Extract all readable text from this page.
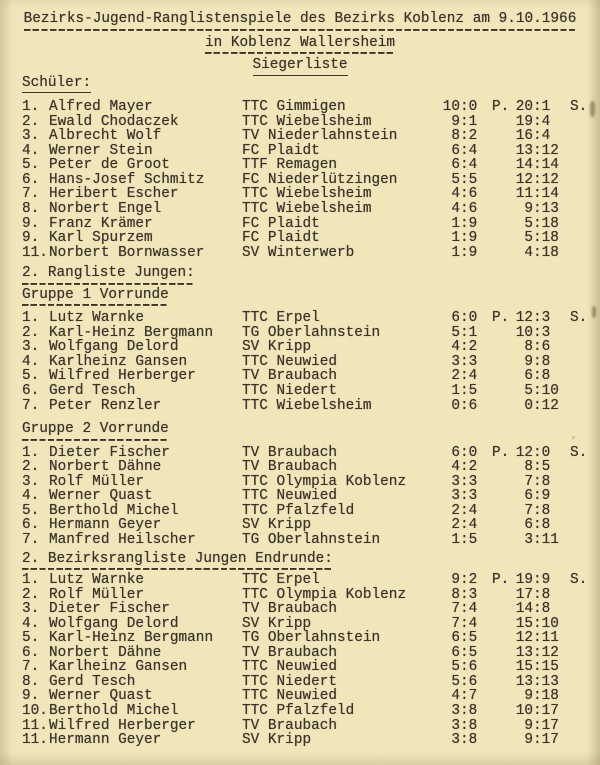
Bezirks-Jugend-Ranglistenspiele des Bezirks Koblenz am 9.10.1966
in Koblenz Wallersheim
Siegerliste
Schüler:
1. Alfred Mayer	TTC Gimmigen	10:0 P. 20:1 S.
2. Ewald Chodaczek	TTC Wiebelsheim	9:1	19:4
3. Albrecht Wolf	TV Niederlahnstein	8:2	16:4
4. Werner Stein	FC Plaidt	6:4	13:12
5. Peter de Groot	TTF Remagen	6:4	14:14
6. Hans-Josef Schmitz	FC Niederlützingen	5:5	12:12
7. Heribert Escher	TTC Wiebelsheim	4:6	11:14
8. Norbert Engel	TTC Wiebelsheim	4:6	9:13
9. Franz Krämer	FC Plaidt	1:9	5:18
9. Karl Spurzem	FC Plaidt	1:9	5:18
11.Norbert Bornwasser	SV Winterwerb	1:9	4:18
2. Rangliste Jungen:
Gruppe 1 Vorrunde
1. Lutz Warnke	TTC Erpel	6:0 P. 12:3 S.
2. Karl-Heinz Bergmann TG Oberlahnstein	5:1	10:3
3. Wolfgang Delord	SV Kripp	4:2	8:6
4. Karlheinz Gansen	TTC Neuwied	3:3	9:8
5. Wilfred Herberger	TV Braubach	2:4	6:8
6. Gerd Tesch	TTC Niedert	1:5	5:10
7. Peter Renzler	TTC Wiebelsheim	0:6	0:12
Gruppe 2 Vorrunde
1. Dieter Fischer	TV Braubach	6:0 P. 12:0 S.
2. Norbert Dähne	TV Braubach	4:2	8:5
3. Rolf Müller	TTC Olympia Koblenz	3:3	7:8
4. Werner Quast	TTC Neuwied	3:3	6:9
5. Berthold Michel	TTC Pfalzfeld	2:4	7:8
6. Hermann Geyer	SV Kripp	2:4	6:8
7. Manfred Heilscher	TG Oberlahnstein	1:5	3:11
2. Bezirksrangliste Jungen Endrunde:
1. Lutz Warnke	TTC Erpel	9:2 P. 19:9 S.
2. Rolf Müller	TTC Olympia Koblenz	8:3	17:8
3. Dieter Fischer	TV Braubach	7:4	14:8
4. Wolfgang Delord	SV Kripp	7:4	15:10
5. Karl-Heinz Bergmann TG Oberlahnstein	6:5	12:11
6. Norbert Dähne	TV Braubach	6:5	13:12
7. Karlheinz Gansen	TTC Neuwied	5:6	15:15
8. Gerd Tesch	TTC Niedert	5:6	13:13
9. Werner Quast	TTC Neuwied	4:7	9:18
10.Berthold Michel	TTC Pfalzfeld	3:8	10:17
11.Wilfred Herberger	TV Braubach	3:8	9:17
11.Hermann Geyer	SV Kripp	3:8	9:17
